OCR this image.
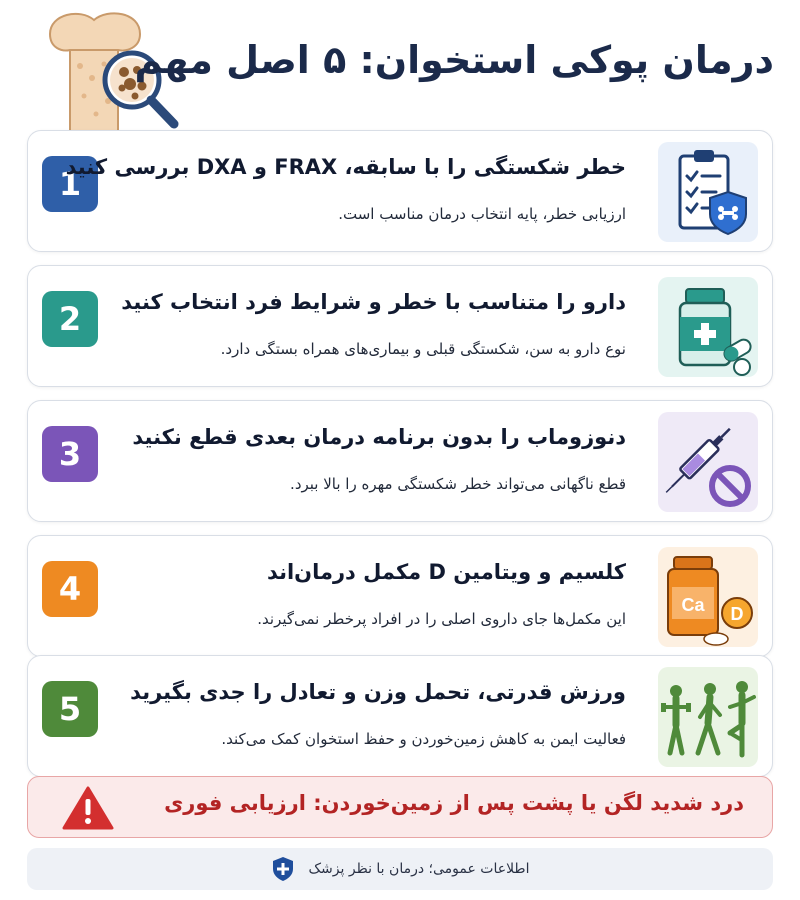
درمان پوکی استخوان: ۵ اصل مهم
1
خطر شکستگی را با سابقه، FRAX و DXA بررسی کنید
ارزیابی خطر، پایه انتخاب درمان مناسب است.
2	دارو را متناسب با خطر و شرایط فرد انتخاب کنید
نوع دارو به سن، شکستگی قبلی و بیماری‌های همراه بستگی دارد.
3	دنوزوماب را بدون برنامه درمان بعدی قطع نکنید
قطع ناگهانی می‌تواند خطر شکستگی مهره را بالا ببرد.
4	کلسیم و ویتامین D مکمل درمان‌اند
این مکمل‌ها جای داروی اصلی را در افراد پرخطر نمی‌گیرند.
Ca D
5	ورزش قدرتی، تحمل وزن و تعادل را جدی بگیرید
فعالیت ایمن به کاهش زمین‌خوردن و حفظ استخوان کمک می‌کند.
درد شدید لگن یا پشت پس از زمین‌خوردن: ارزیابی فوری
اطلاعات عمومی؛ درمان با نظر پزشک
